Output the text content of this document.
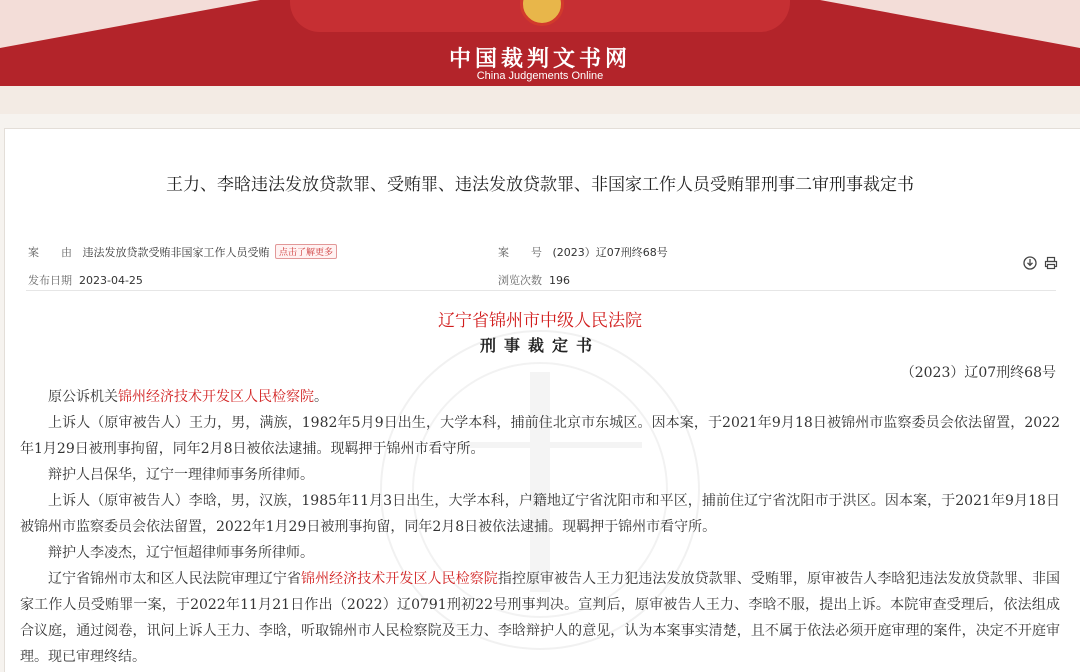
中国裁判文书网
China Judgements Online
王力、李晗违法发放贷款罪、受贿罪、违法发放贷款罪、非国家工作人员受贿罪刑事二审刑事裁定书
案　　由 违法发放贷款受贿非国家工作人员受贿 点击了解更多	案　　号 (2023）辽07刑终68号
发布日期 2023-04-25	浏览次数 196

辽宁省锦州市中级人民法院
刑事裁定书
（2023）辽07刑终68号

原公诉机关锦州经济技术开发区人民检察院。

上诉人（原审被告人）王力，男，满族，1982年5月9日出生，大学本科，捕前住北京市东城区。因本案，于2021年9月18日被锦州市监察委员会依法留置，2022年1月29日被刑事拘留，同年2月8日被依法逮捕。现羁押于锦州市看守所。

辩护人吕保华，辽宁一理律师事务所律师。

上诉人（原审被告人）李晗，男，汉族，1985年11月3日出生，大学本科，户籍地辽宁省沈阳市和平区，捕前住辽宁省沈阳市于洪区。因本案，于2021年9月18日被锦州市监察委员会依法留置，2022年1月29日被刑事拘留，同年2月8日被依法逮捕。现羁押于锦州市看守所。

辩护人李凌杰，辽宁恒超律师事务所律师。

辽宁省锦州市太和区人民法院审理辽宁省锦州经济技术开发区人民检察院指控原审被告人王力犯违法发放贷款罪、受贿罪，原审被告人李晗犯违法发放贷款罪、非国家工作人员受贿罪一案，于2022年11月21日作出（2022）辽0791刑初22号刑事判决。宣判后，原审被告人王力、李晗不服，提出上诉。本院审查受理后，依法组成合议庭，通过阅卷，讯问上诉人王力、李晗，听取锦州市人民检察院及王力、李晗辩护人的意见，认为本案事实清楚，且不属于依法必须开庭审理的案件，决定不开庭审理。现已审理终结。
